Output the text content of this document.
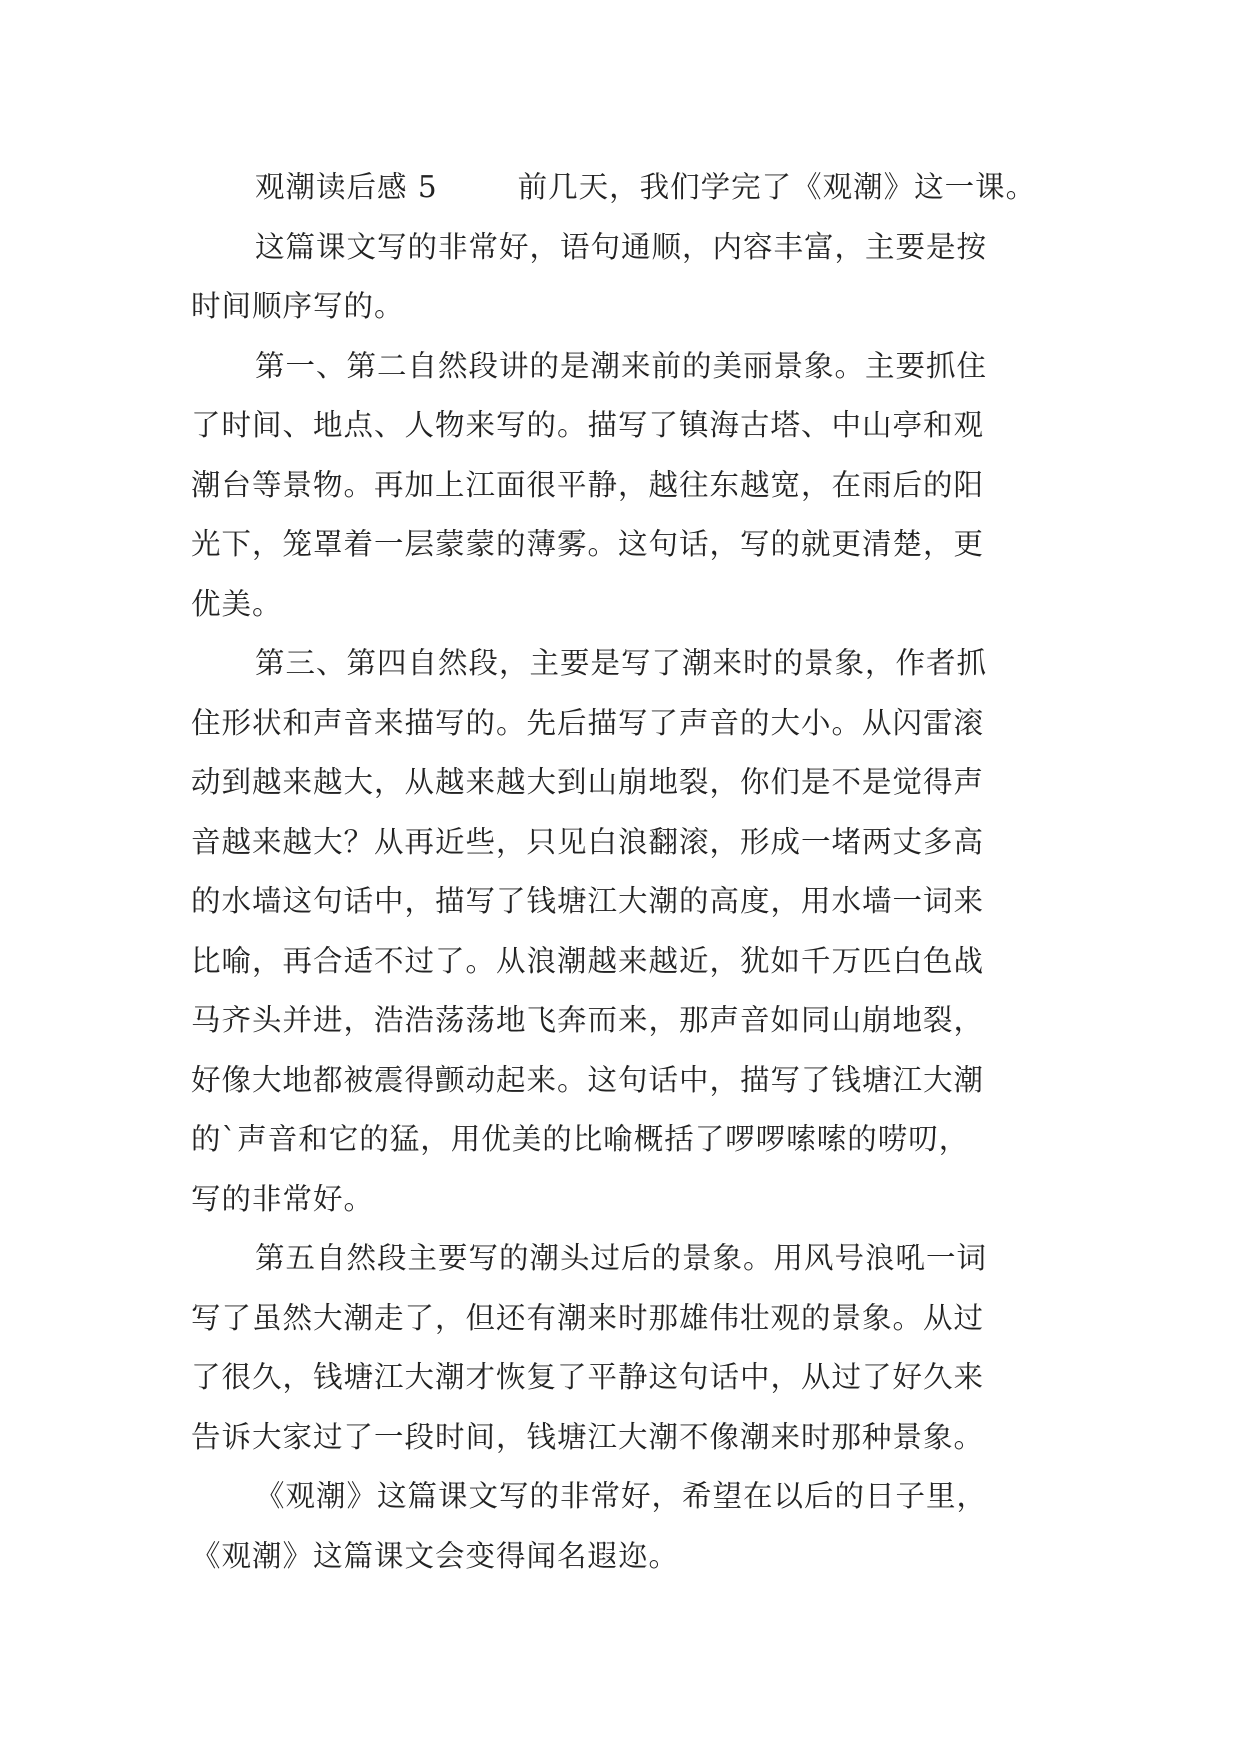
观潮读后感 5	前几天，我们学完了《观潮》这一课。
这篇课文写的非常好，语句通顺，内容丰富，主要是按
时间顺序写的。
第一、第二自然段讲的是潮来前的美丽景象。主要抓住
了时间、地点、人物来写的。描写了镇海古塔、中山亭和观
潮台等景物。再加上江面很平静，越往东越宽，在雨后的阳
光下，笼罩着一层蒙蒙的薄雾。这句话，写的就更清楚，更
优美。
第三、第四自然段，主要是写了潮来时的景象，作者抓
住形状和声音来描写的。先后描写了声音的大小。从闪雷滚
动到越来越大，从越来越大到山崩地裂，你们是不是觉得声
音越来越大？从再近些，只见白浪翻滚，形成一堵两丈多高
的水墙这句话中，描写了钱塘江大潮的高度，用水墙一词来
比喻，再合适不过了。从浪潮越来越近，犹如千万匹白色战
马齐头并进，浩浩荡荡地飞奔而来，那声音如同山崩地裂，
好像大地都被震得颤动起来。这句话中，描写了钱塘江大潮
的`声音和它的猛，用优美的比喻概括了啰啰嗦嗦的唠叨，
写的非常好。
第五自然段主要写的潮头过后的景象。用风号浪吼一词
写了虽然大潮走了，但还有潮来时那雄伟壮观的景象。从过
了很久，钱塘江大潮才恢复了平静这句话中，从过了好久来
告诉大家过了一段时间，钱塘江大潮不像潮来时那种景象。
《观潮》这篇课文写的非常好，希望在以后的日子里，
《观潮》这篇课文会变得闻名遐迩。
